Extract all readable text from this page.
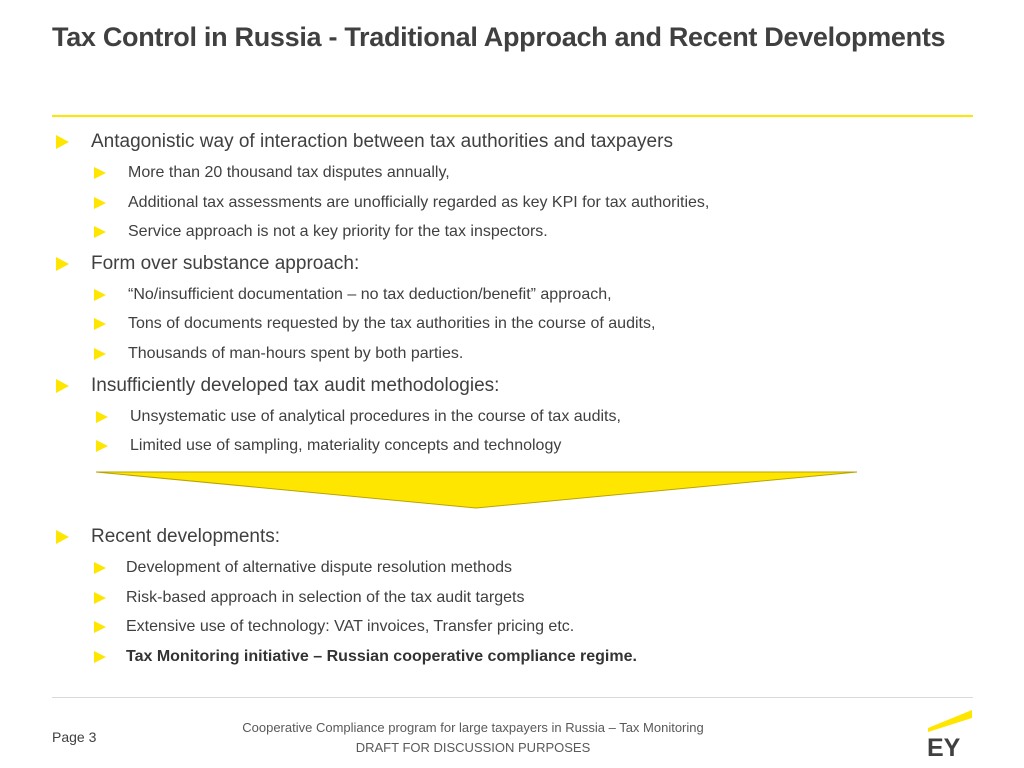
Tax Control in Russia - Traditional Approach and Recent Developments
Antagonistic way of interaction between tax authorities and taxpayers
More than 20 thousand tax disputes annually,
Additional tax assessments are unofficially regarded as key KPI for tax authorities,
Service approach is not a key priority for the tax inspectors.
Form over substance approach:
“No/insufficient documentation – no tax deduction/benefit” approach,
Tons of documents requested by the tax authorities in the course of audits,
Thousands of man-hours spent by both parties.
Insufficiently developed tax audit methodologies:
Unsystematic use of analytical procedures in the course of tax audits,
Limited use of sampling, materiality concepts and technology
Recent developments:
Development of alternative dispute resolution methods
Risk-based approach in selection of the tax audit targets
Extensive use of technology: VAT invoices, Transfer pricing etc.
Tax Monitoring initiative – Russian cooperative compliance regime.
Page 3
Cooperative Compliance program for large taxpayers in Russia – Tax Monitoring
DRAFT FOR DISCUSSION PURPOSES	EY
